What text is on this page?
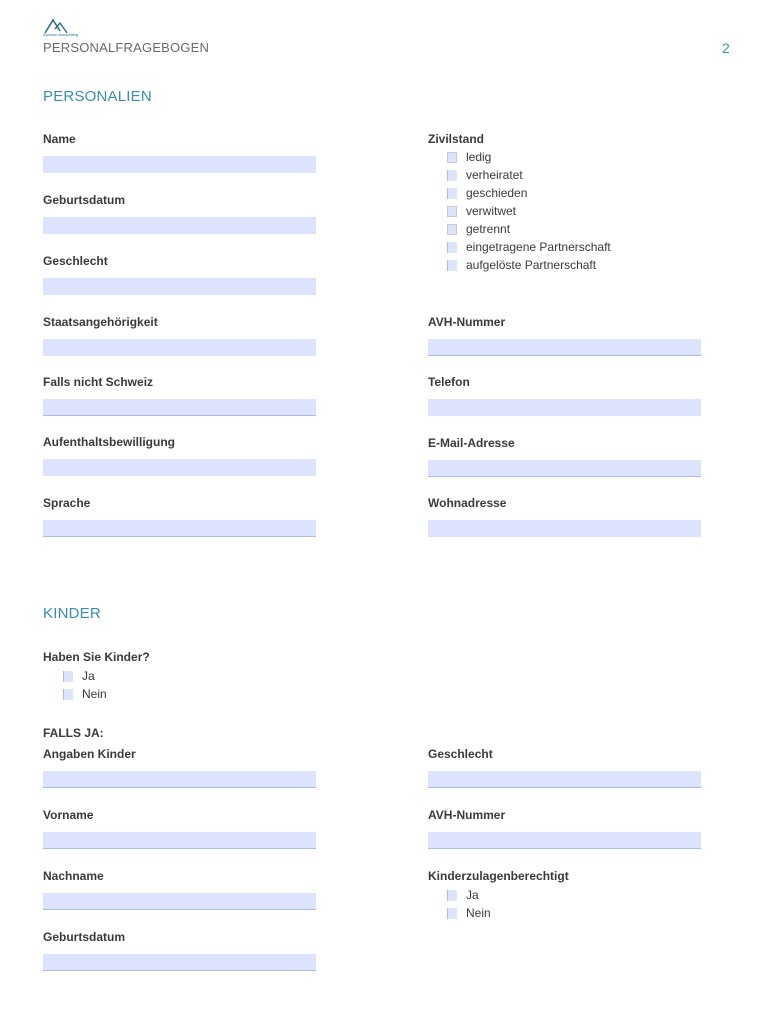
Alpinum Accounting
PERSONALFRAGEBOGEN	2
PERSONALIEN
Name
Geburtsdatum
Geschlecht
Staatsangehörigkeit
Falls nicht Schweiz
Aufenthaltsbewilligung
Sprache
Zivilstand
ledig
verheiratet
geschieden
verwitwet
getrennt
eingetragene Partnerschaft
aufgelöste Partnerschaft
AVH-Nummer
Telefon
E-Mail-Adresse
Wohnadresse
KINDER
Haben Sie Kinder?
Ja
Nein
FALLS JA:
Angaben Kinder
Vorname
Nachname
Geburtsdatum
Geschlecht
AVH-Nummer
Kinderzulagenberechtigt
Ja
Nein
